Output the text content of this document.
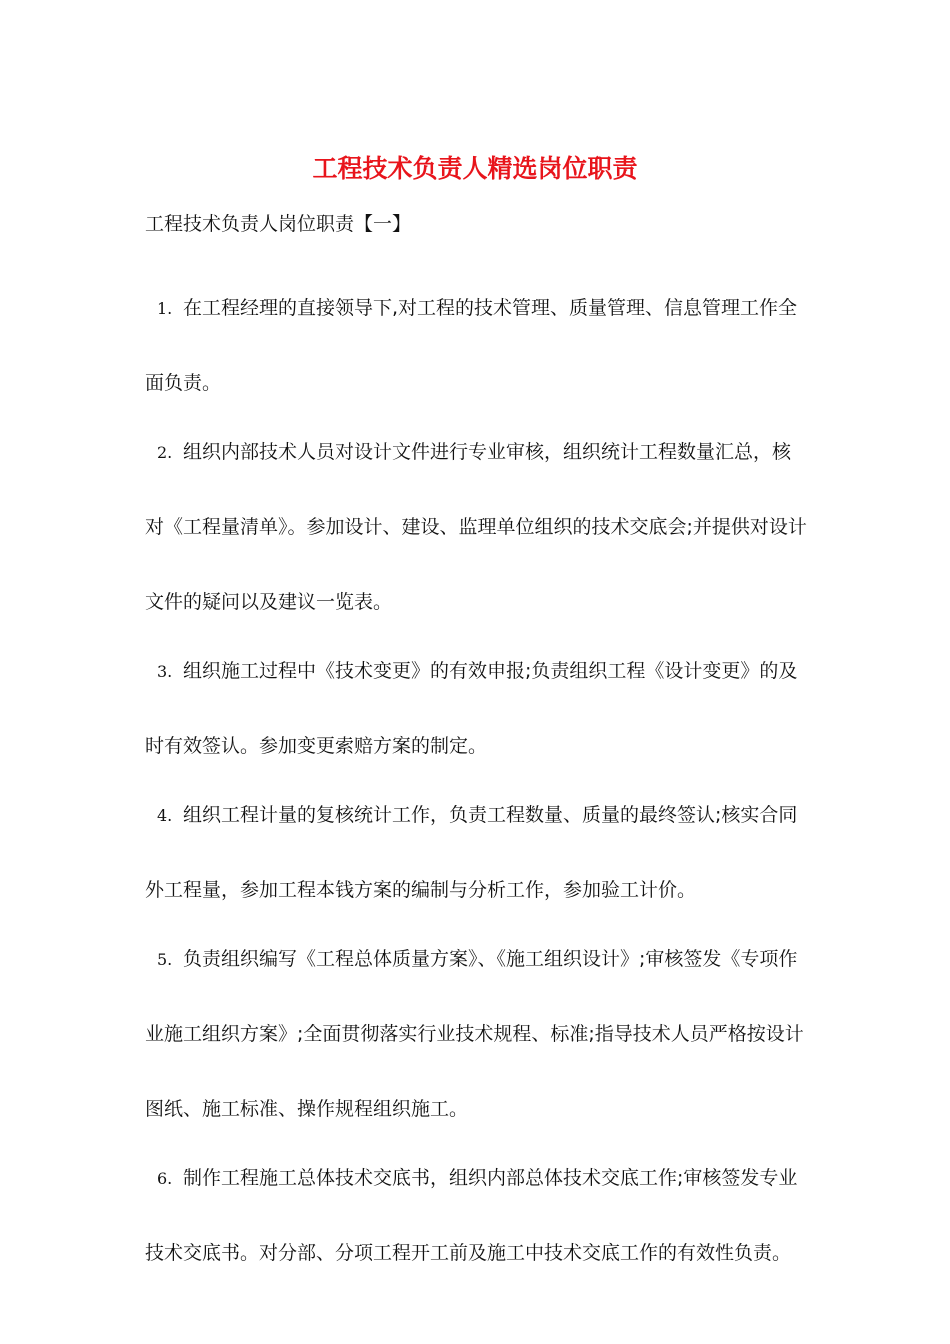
工程技术负责人精选岗位职责

工程技术负责人岗位职责【一】

1. 在工程经理的直接领导下,对工程的技术管理、质量管理、信息管理工作全面负责。

2. 组织内部技术人员对设计文件进行专业审核，组织统计工程数量汇总，核对《工程量清单》。参加设计、建设、监理单位组织的技术交底会;并提供对设计文件的疑问以及建议一览表。

3. 组织施工过程中《技术变更》的有效申报;负责组织工程《设计变更》的及时有效签认。参加变更索赔方案的制定。

4. 组织工程计量的复核统计工作，负责工程数量、质量的最终签认;核实合同外工程量，参加工程本钱方案的编制与分析工作，参加验工计价。

5. 负责组织编写《工程总体质量方案》、《施工组织设计》;审核签发《专项作业施工组织方案》;全面贯彻落实行业技术规程、标准;指导技术人员严格按设计图纸、施工标准、操作规程组织施工。

6. 制作工程施工总体技术交底书，组织内部总体技术交底工作;审核签发专业技术交底书。对分部、分项工程开工前及施工中技术交底工作的有效性负责。
